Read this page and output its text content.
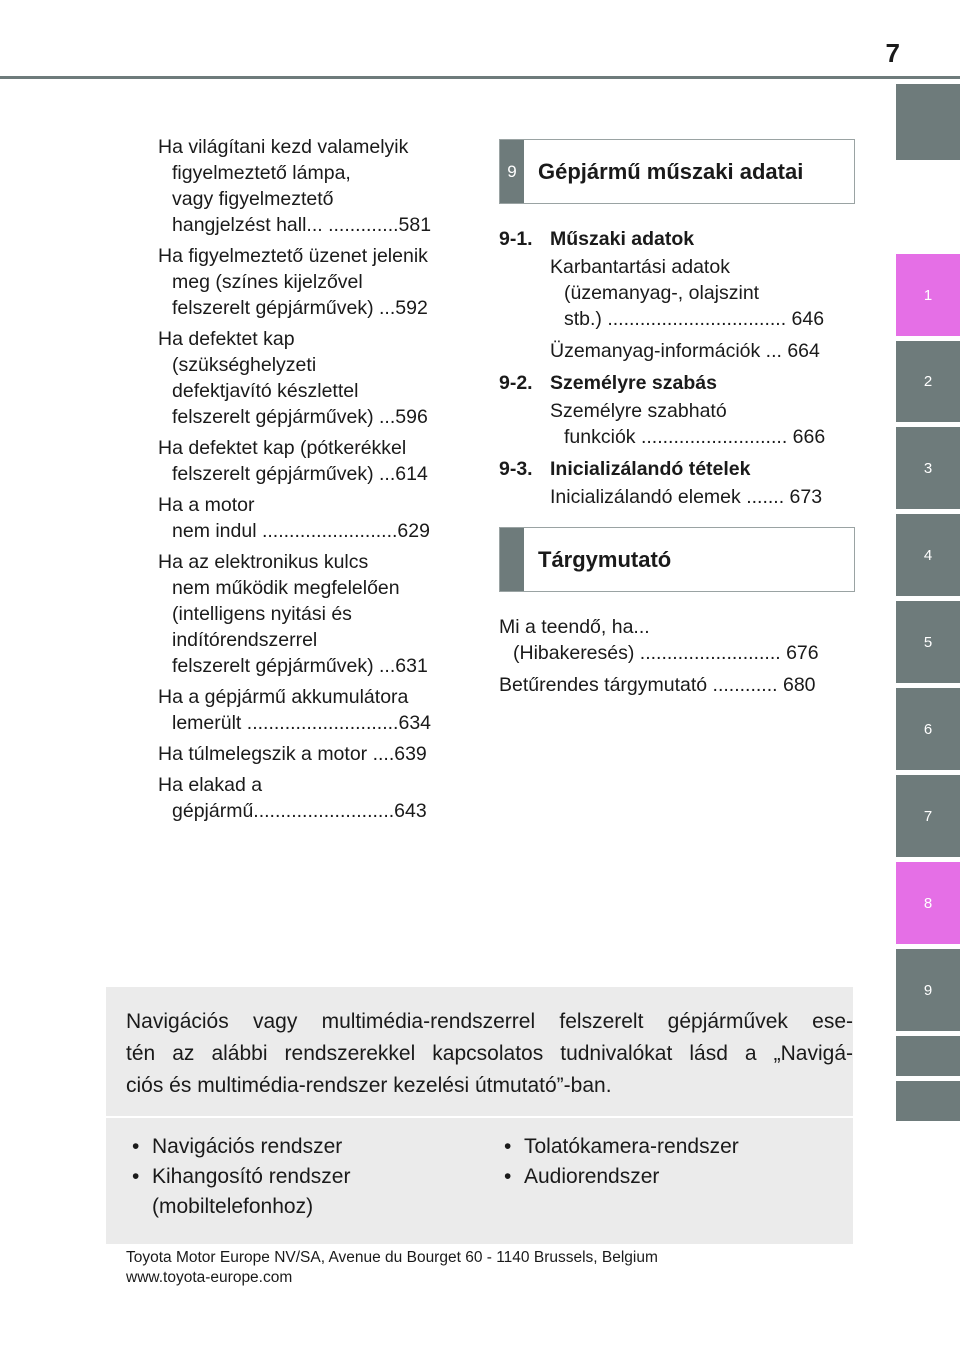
7
1
2
3
4
5
6
7
8
9
Ha világítani kezd valamelyik
figyelmeztető lámpa,
vagy figyelmeztető
hangjelzést hall... .............581
Ha figyelmeztető üzenet jelenik
meg (színes kijelzővel
felszerelt gépjárművek) ...592
Ha defektet kap
(szükséghelyzeti
defektjavító készlettel
felszerelt gépjárművek) ...596
Ha defektet kap (pótkerékkel
felszerelt gépjárművek) ...614
Ha a motor
nem indul .........................629
Ha az elektronikus kulcs
nem működik megfelelően
(intelligens nyitási és
indítórendszerrel
felszerelt gépjárművek) ...631
Ha a gépjármű akkumulátora
lemerült ............................634
Ha túlmelegszik a motor ....639
Ha elakad a
gépjármű..........................643
9 Gépjármű műszaki adatai
9-1. Műszaki adatok
Karbantartási adatok
(üzemanyag-, olajszint
stb.) ................................. 646
Üzemanyag-információk ... 664
9-2. Személyre szabás
Személyre szabható
funkciók ........................... 666
9-3. Inicializálandó tételek
Inicializálandó elemek ....... 673
Tárgymutató
Mi a teendő, ha...
(Hibakeresés) .......................... 676
Betűrendes tárgymutató ............ 680
Navigációs vagy multimédia-rendszerrel felszerelt gépjárművek ese-
tén az alábbi rendszerekkel kapcsolatos tudnivalókat lásd a „Navigá-
ciós és multimédia-rendszer kezelési útmutató”-ban.
• Navigációs rendszer
• Kihangosító rendszer
(mobiltelefonhoz)
• Tolatókamera-rendszer
• Audiorendszer
Toyota Motor Europe NV/SA, Avenue du Bourget 60 - 1140 Brussels, Belgium
www.toyota-europe.com
